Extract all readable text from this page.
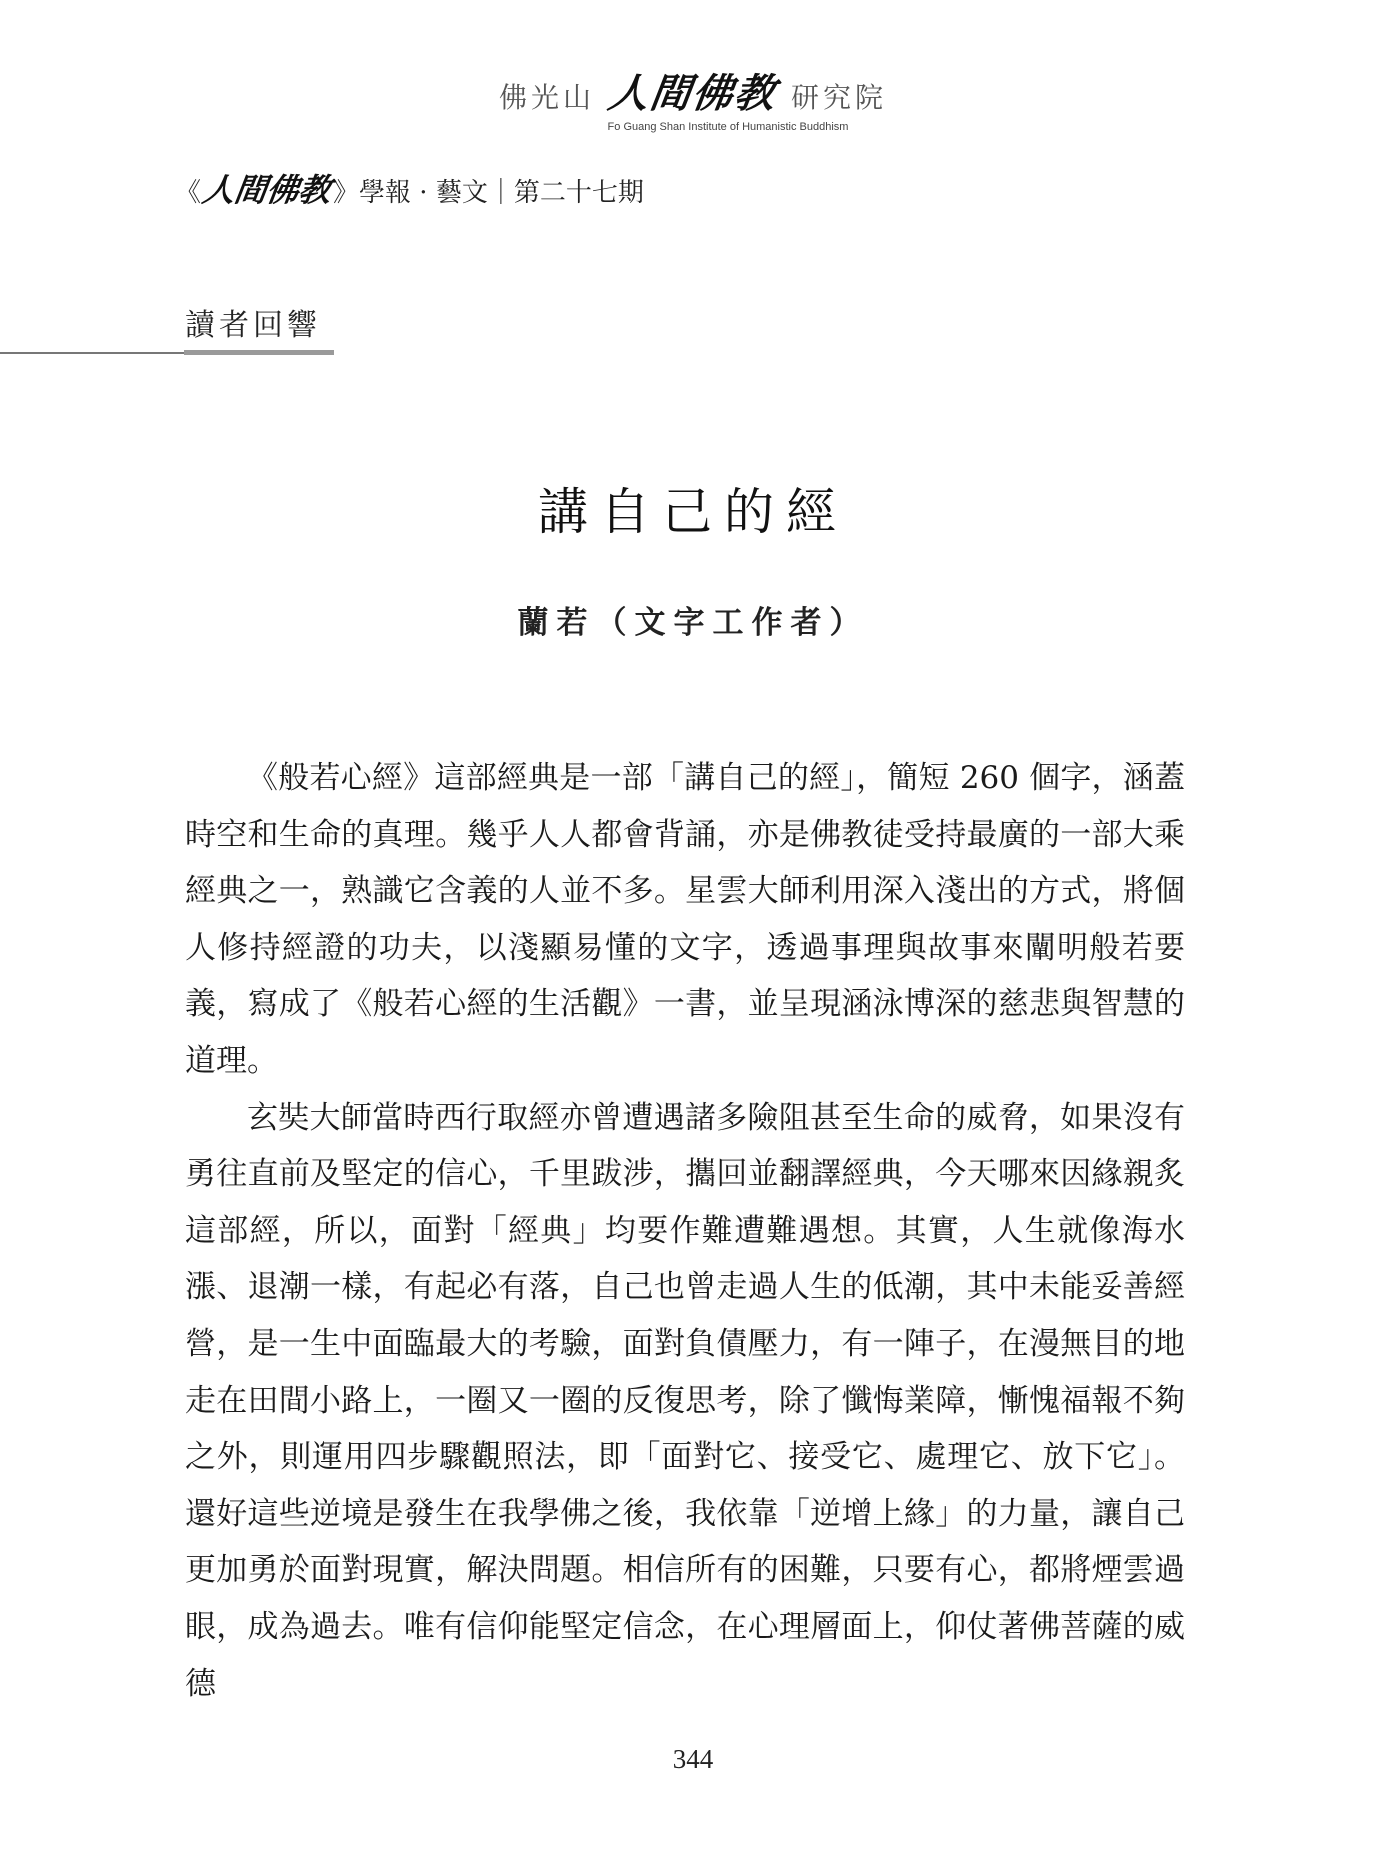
佛光山 人間佛教 研究院
Fo Guang Shan Institute of Humanistic Buddhism
《 人間佛教 》 學報 · 藝文｜第二十七期
讀者回響
講自己的經
蘭若（文字工作者）

《般若心經》這部經典是一部「講自己的經」，簡短 260 個字，涵蓋時空和生命的真理。幾乎人人都會背誦，亦是佛教徒受持最廣的一部大乘經典之一，熟識它含義的人並不多。星雲大師利用深入淺出的方式，將個人修持經證的功夫，以淺顯易懂的文字，透過事理與故事來闡明般若要義，寫成了《般若心經的生活觀》一書，並呈現涵泳博深的慈悲與智慧的道理。

玄奘大師當時西行取經亦曾遭遇諸多險阻甚至生命的威脅，如果沒有勇往直前及堅定的信心，千里跋涉，攜回並翻譯經典，今天哪來因緣親炙這部經，所以，面對「經典」均要作難遭難遇想。其實，人生就像海水漲、退潮一樣，有起必有落，自己也曾走過人生的低潮，其中未能妥善經營，是一生中面臨最大的考驗，面對負債壓力，有一陣子，在漫無目的地走在田間小路上，一圈又一圈的反復思考，除了懺悔業障，慚愧福報不夠之外，則運用四步驟觀照法，即「面對它、接受它、處理它、放下它」。還好這些逆境是發生在我學佛之後，我依靠「逆增上緣」的力量，讓自己更加勇於面對現實，解決問題。相信所有的困難，只要有心，都將煙雲過眼，成為過去。唯有信仰能堅定信念，在心理層面上，仰仗著佛菩薩的威德

344
